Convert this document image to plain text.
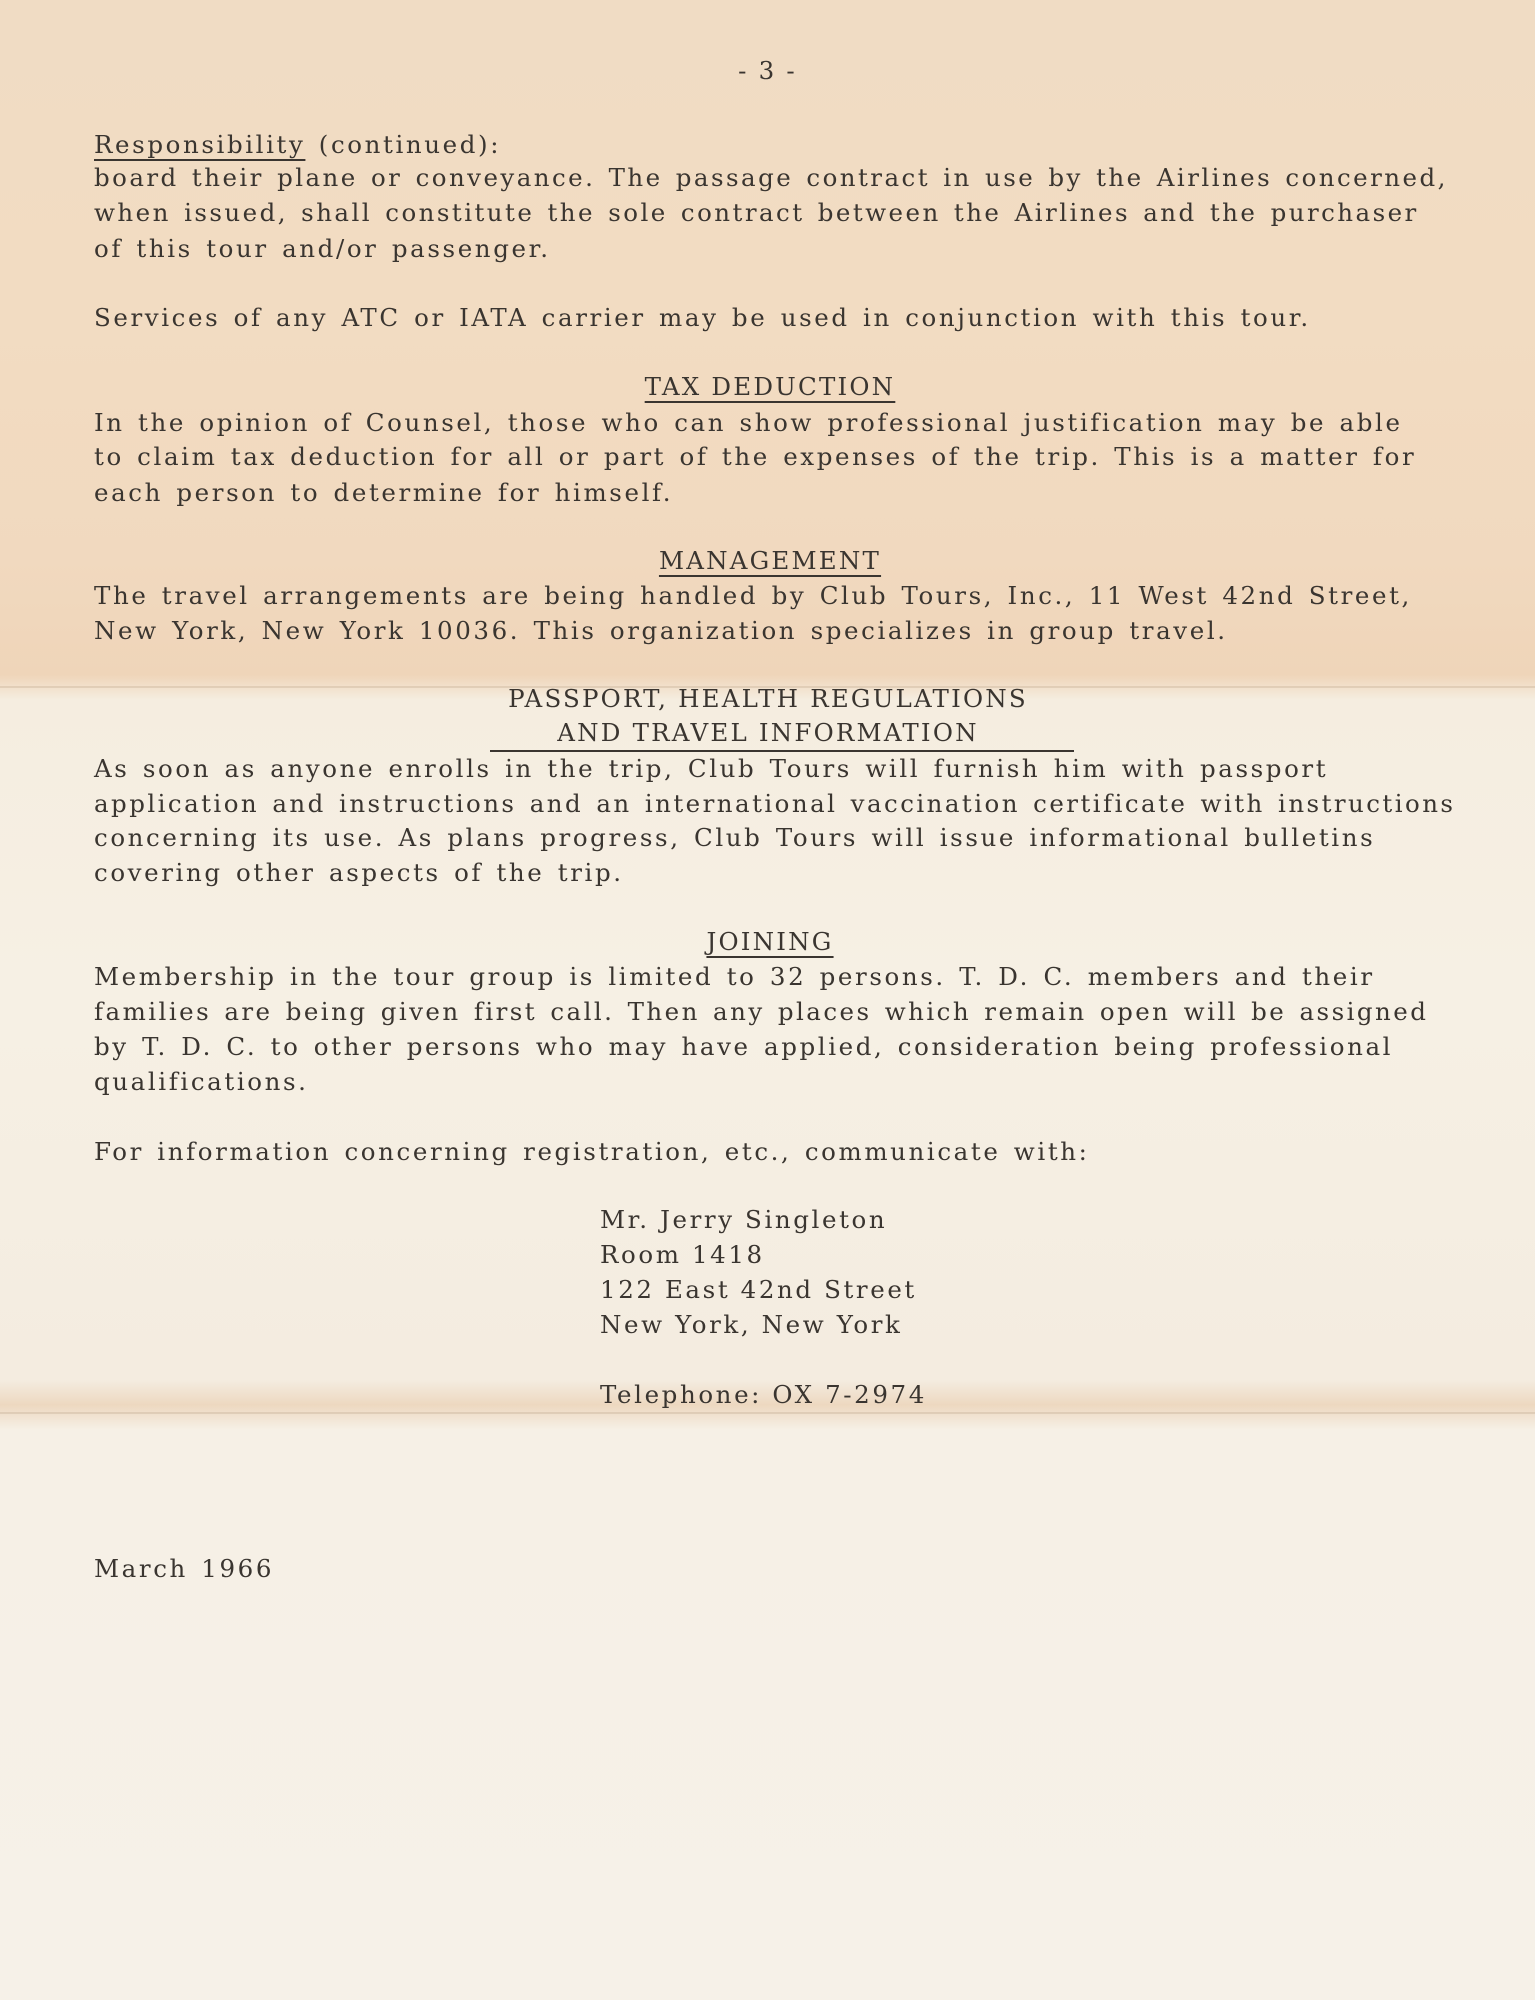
- 3 -
Responsibility (continued):
board their plane or conveyance. The passage contract in use by the Airlines concerned,
when issued, shall constitute the sole contract between the Airlines and the purchaser
of this tour and/or passenger.
Services of any ATC or IATA carrier may be used in conjunction with this tour.
TAX DEDUCTION
In the opinion of Counsel, those who can show professional justification may be able
to claim tax deduction for all or part of the expenses of the trip. This is a matter for
each person to determine for himself.
MANAGEMENT
The travel arrangements are being handled by Club Tours, Inc., 11 West 42nd Street,
New York, New York 10036. This organization specializes in group travel.
PASSPORT, HEALTH REGULATIONS
AND TRAVEL INFORMATION
As soon as anyone enrolls in the trip, Club Tours will furnish him with passport
application and instructions and an international vaccination certificate with instructions
concerning its use. As plans progress, Club Tours will issue informational bulletins
covering other aspects of the trip.
JOINING
Membership in the tour group is limited to 32 persons. T. D. C. members and their
families are being given first call. Then any places which remain open will be assigned
by T. D. C. to other persons who may have applied, consideration being professional
qualifications.
For information concerning registration, etc., communicate with:
Mr. Jerry Singleton
Room 1418
122 East 42nd Street
New York, New York
Telephone: OX 7-2974
March 1966
